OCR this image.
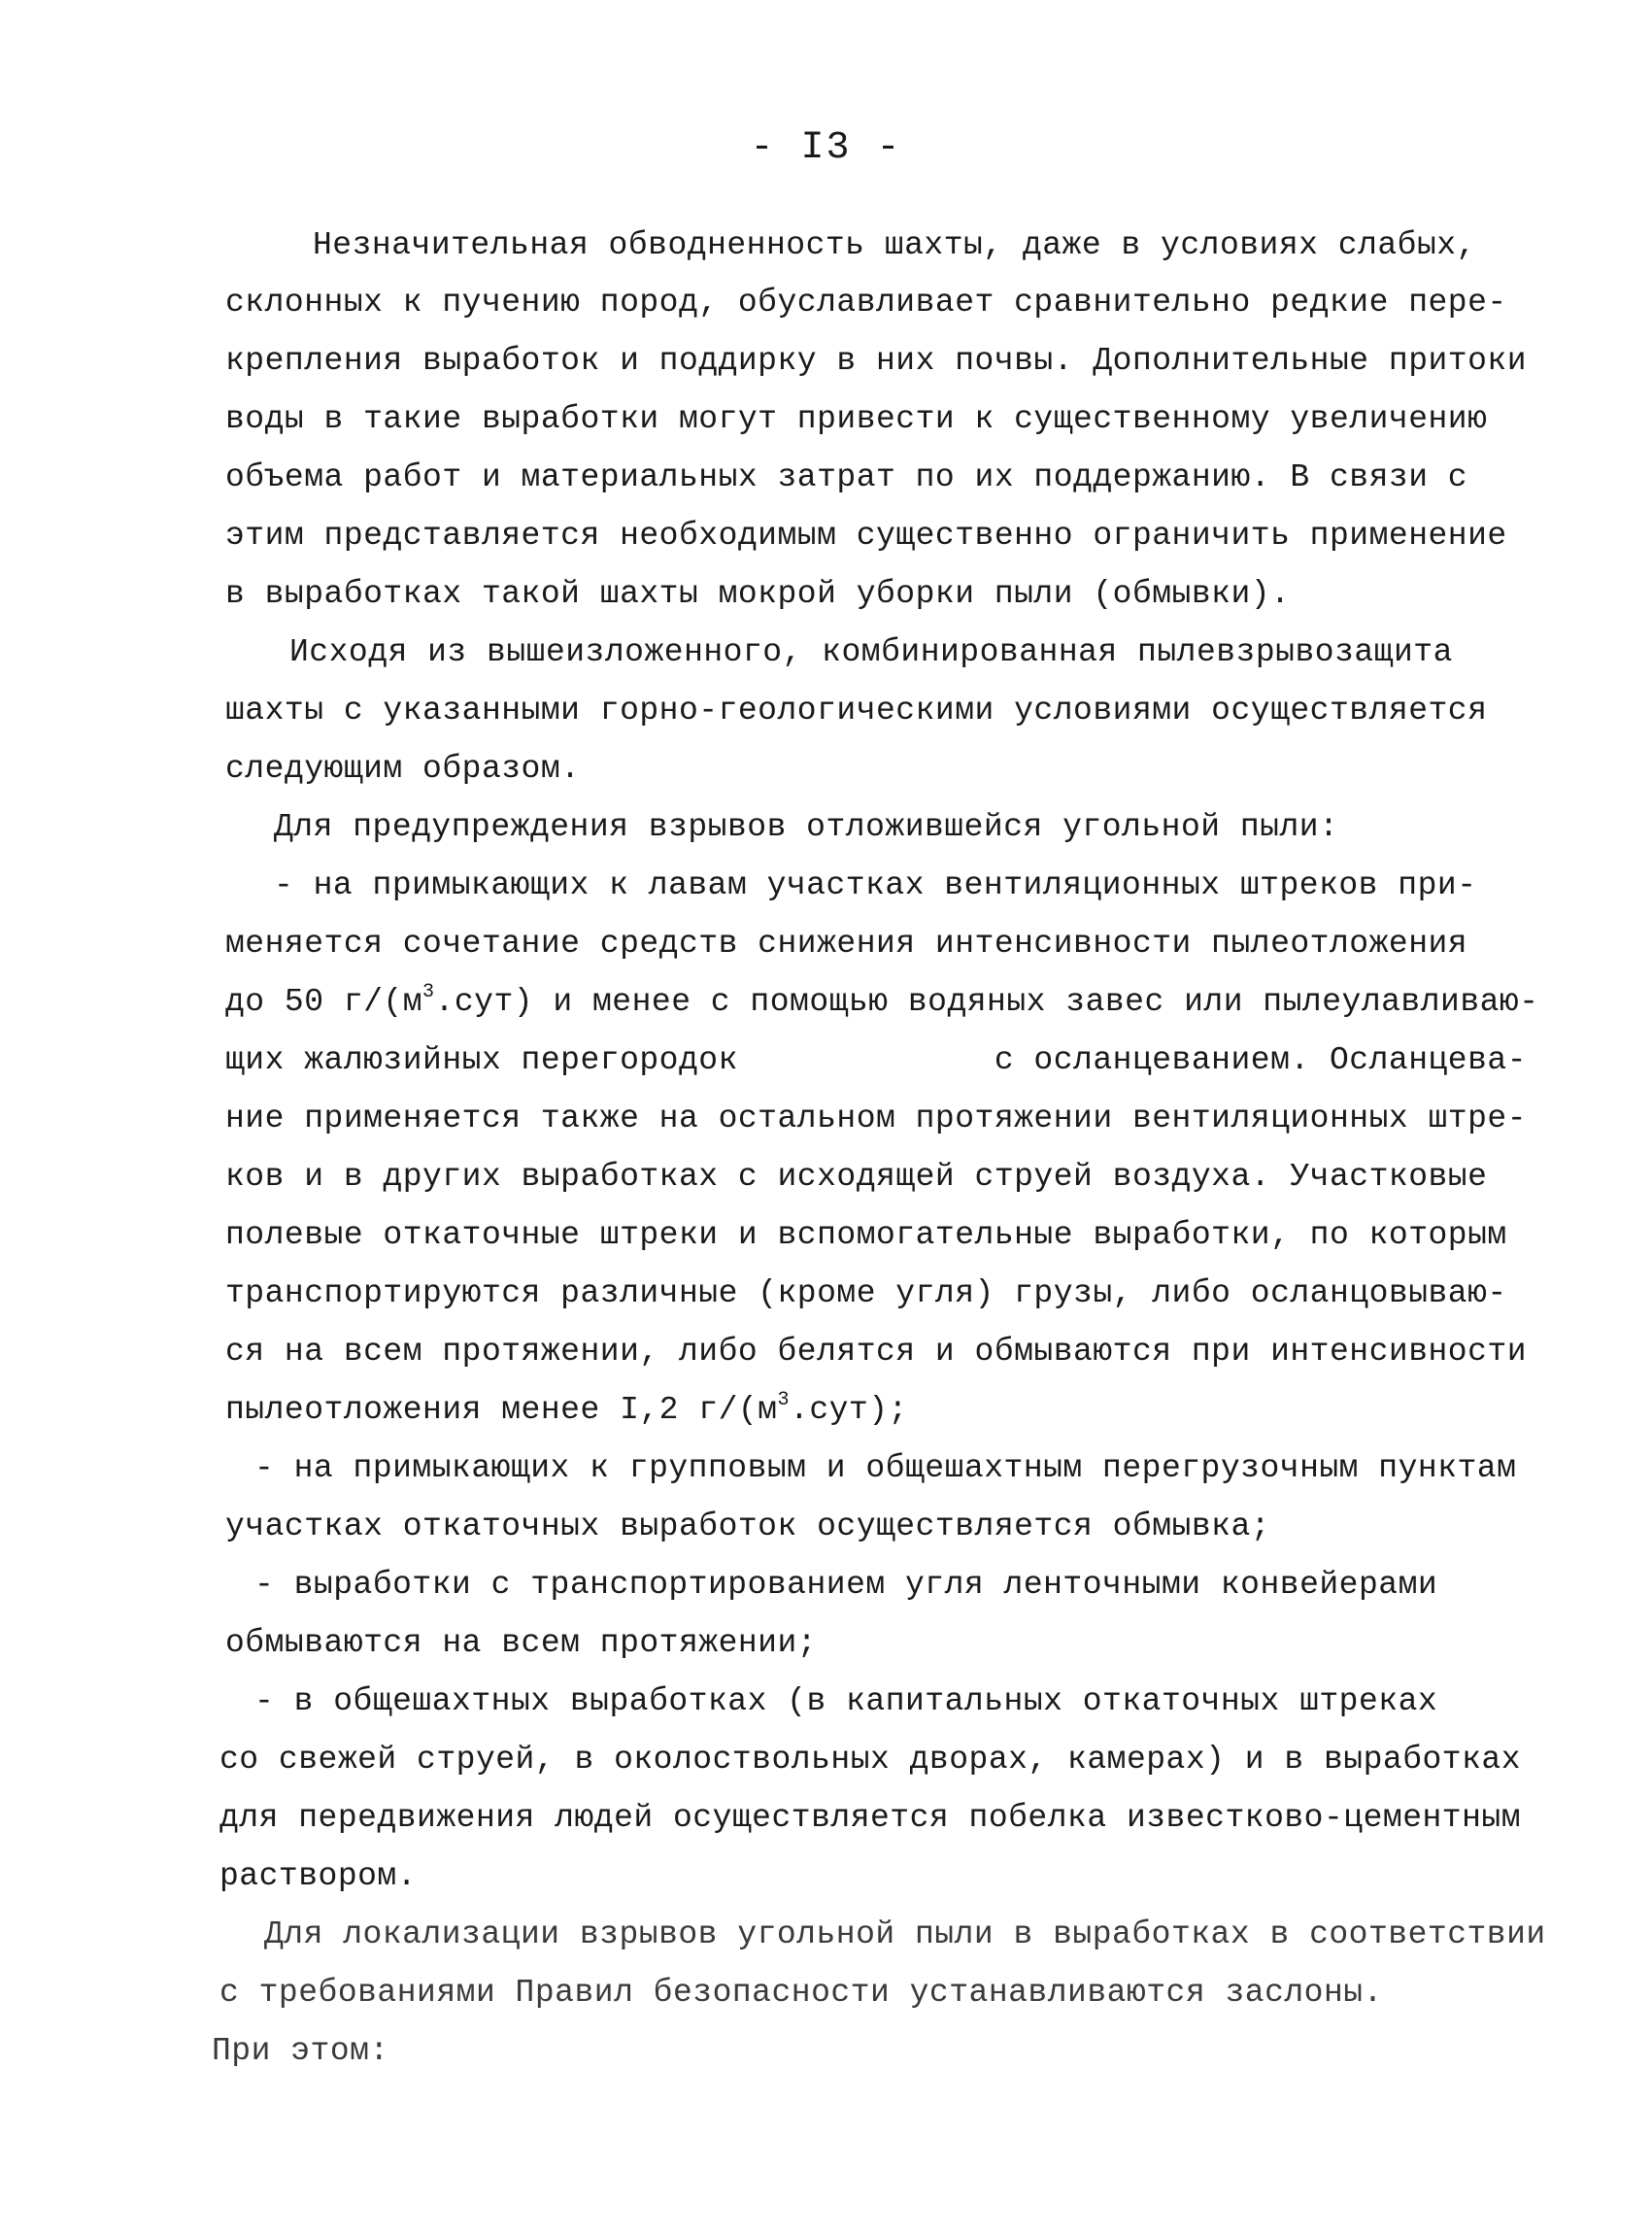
- I3 -
Незначительная обводненность шахты, даже в условиях слабых,
склонных к пучению пород, обуславливает сравнительно редкие пере-
крепления выработок и поддирку в них почвы. Дополнительные притоки
воды в такие выработки могут привести к существенному увеличению
объема работ и материальных затрат по их поддержанию. В связи с
этим представляется необходимым существенно ограничить применение
в выработках такой шахты мокрой уборки пыли (обмывки).
Исходя из вышеизложенного, комбинированная пылевзрывозащита
шахты с указанными горно-геологическими условиями осуществляется
следующим образом.
Для предупреждения взрывов отложившейся угольной пыли:
- на примыкающих к лавам участках вентиляционных штреков при-
меняется сочетание средств снижения интенсивности пылеотложения
до 50 $г/(м^3.сут)$ и менее с помощью водяных завес или пылеулавливаю-
щих жалюзийных перегородок             с осланцеванием. Осланцева-
ние применяется также на остальном протяжении вентиляционных штре-
ков и в других выработках с исходящей струей воздуха. Участковые
полевые откаточные штреки и вспомогательные выработки, по которым
транспортируются различные (кроме угля) грузы, либо осланцовываю-
ся на всем протяжении, либо белятся и обмываются при интенсивности
пылеотложения менее I,2 $г/(м^3.сут)$;
- на примыкающих к групповым и общешахтным перегрузочным пунктам
участках откаточных выработок осуществляется обмывка;
- выработки с транспортированием угля ленточными конвейерами
обмываются на всем протяжении;
- в общешахтных выработках (в капитальных откаточных штреках
со свежей струей, в околоствольных дворах, камерах) и в выработках
для передвижения людей осуществляется побелка известково-цементным
раствором.
Для локализации взрывов угольной пыли в выработках в соответствии
с требованиями Правил безопасности устанавливаются заслоны.
При этом:
